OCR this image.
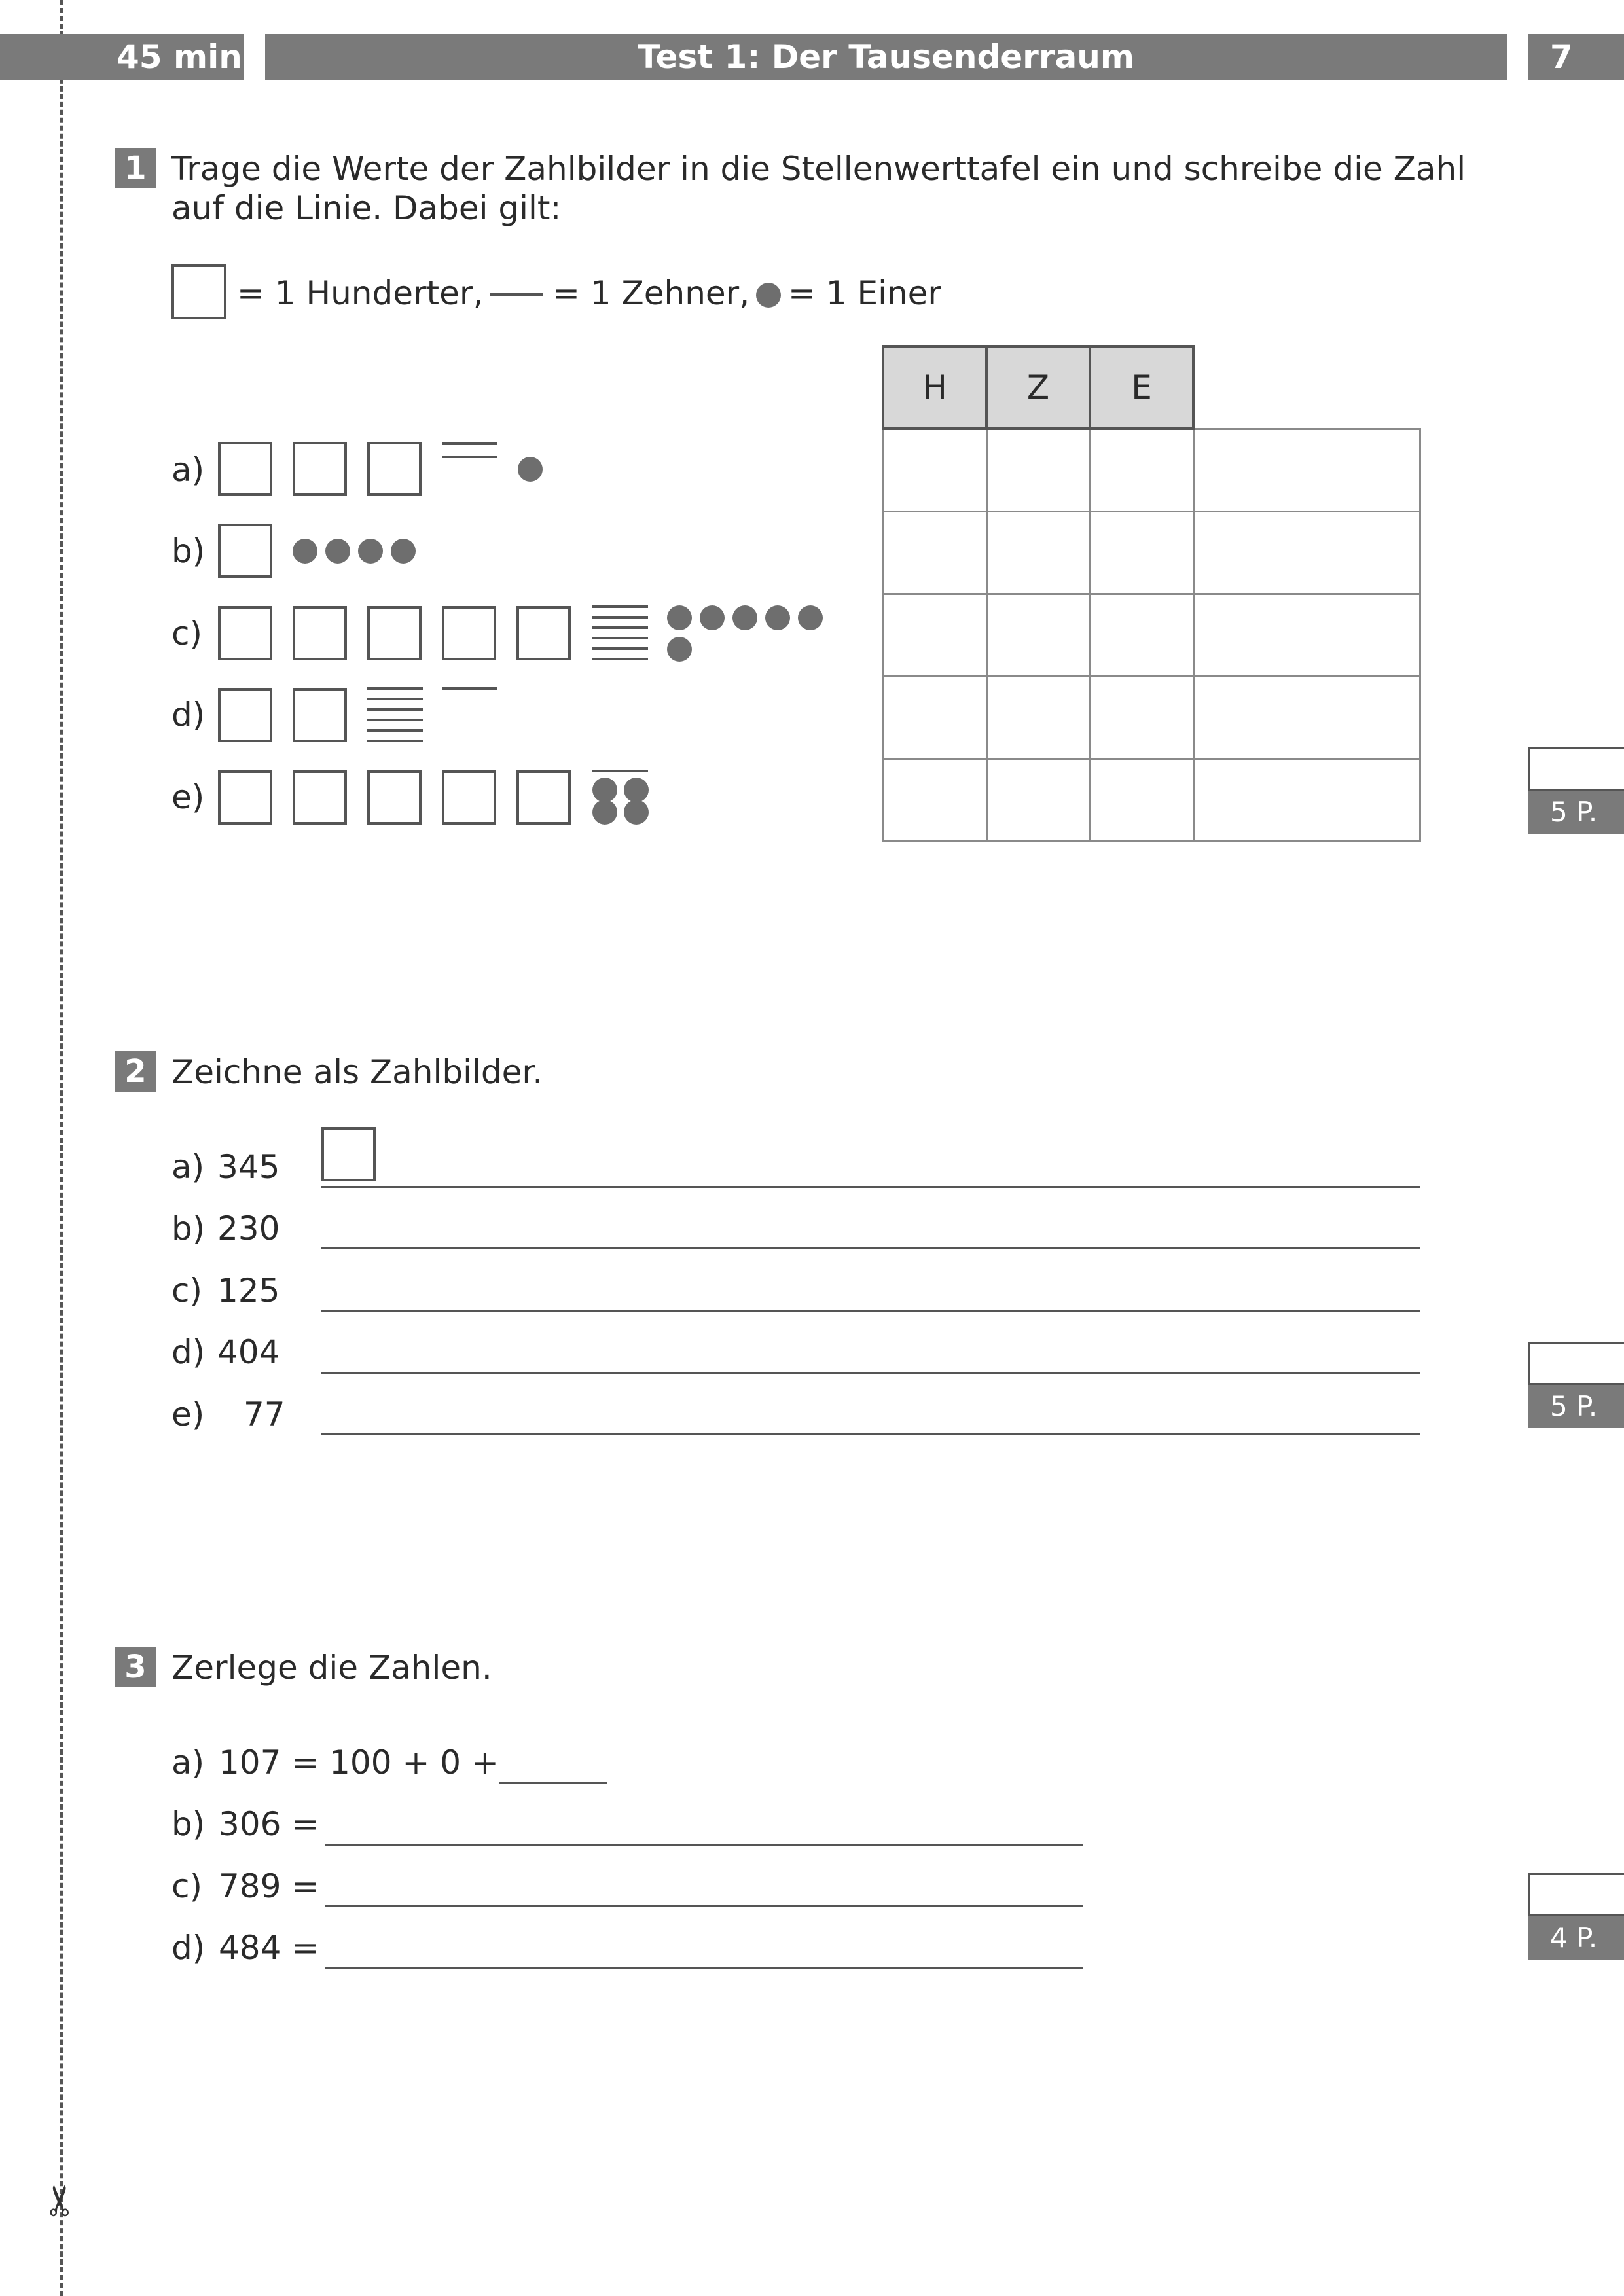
✂
45 min	Test 1: Der Tausenderraum	7
1 Trage die Werte der Zahlbilder in die Stellenwerttafel ein und schreibe die Zahl
auf die Linie. Dabei gilt:
= 1 Hunderter, = 1 Zehner, = 1 Einer
a)
b)
c)
d)
e)
H	Z	E	

5 P.
2 Zeichne als Zahlbilder.
a) 345
b) 230
c) 125
d) 404
e) 77	5 P.
3 Zerlege die Zahlen.
a) 107 = 100 + 0 +
b) 306 =
c) 789 =
d) 484 =	4 P.
